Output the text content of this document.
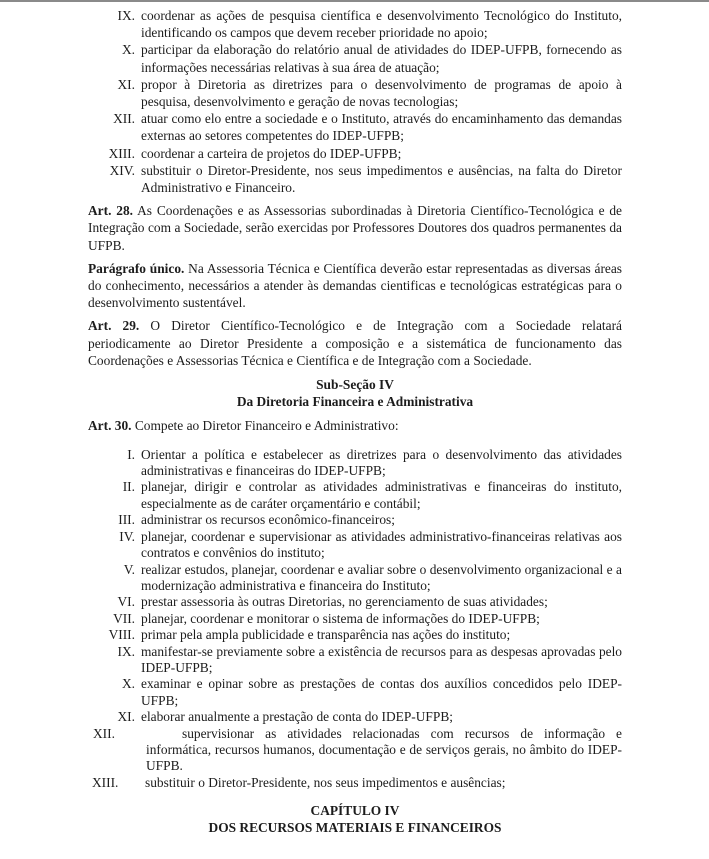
IX. coordenar as ações de pesquisa científica e desenvolvimento Tecnológico do Instituto, identificando os campos que devem receber prioridade no apoio;
X. participar da elaboração do relatório anual de atividades do IDEP-UFPB, fornecendo as informações necessárias relativas à sua área de atuação;
XI. propor à Diretoria as diretrizes para o desenvolvimento de programas de apoio à pesquisa, desenvolvimento e geração de novas tecnologias;
XII. atuar como elo entre a sociedade e o Instituto, através do encaminhamento das demandas externas ao setores competentes do IDEP-UFPB;
XIII. coordenar a carteira de projetos do IDEP-UFPB;
XIV. substituir o Diretor-Presidente, nos seus impedimentos e ausências, na falta do Diretor Administrativo e Financeiro.

Art. 28. As Coordenações e as Assessorias subordinadas à Diretoria Científico-Tecnológica e de Integração com a Sociedade, serão exercidas por Professores Doutores dos quadros permanentes da UFPB.

Parágrafo único. Na Assessoria Técnica e Científica deverão estar representadas as diversas áreas do conhecimento, necessários a atender às demandas cientificas e tecnológicas estratégicas para o desenvolvimento sustentável.

Art. 29. O Diretor Científico-Tecnológico e de Integração com a Sociedade relatará periodicamente ao Diretor Presidente a composição e a sistemática de funcionamento das Coordenações e Assessorias Técnica e Científica e de Integração com a Sociedade.

Sub-Seção IV
Da Diretoria Financeira e Administrativa

Art. 30. Compete ao Diretor Financeiro e Administrativo:

I. Orientar a política e estabelecer as diretrizes para o desenvolvimento das atividades administrativas e financeiras do IDEP-UFPB;
II. planejar, dirigir e controlar as atividades administrativas e financeiras do instituto, especialmente as de caráter orçamentário e contábil;
III. administrar os recursos econômico-financeiros;
IV. planejar, coordenar e supervisionar as atividades administrativo-financeiras relativas aos contratos e convênios do instituto;
V. realizar estudos, planejar, coordenar e avaliar sobre o desenvolvimento organizacional e a modernização administrativa e financeira do Instituto;
VI. prestar assessoria às outras Diretorias, no gerenciamento de suas atividades;
VII. planejar, coordenar e monitorar o sistema de informações do IDEP-UFPB;
VIII. primar pela ampla publicidade e transparência nas ações do instituto;
IX. manifestar-se previamente sobre a existência de recursos para as despesas aprovadas pelo IDEP-UFPB;
X. examinar e opinar sobre as prestações de contas dos auxílios concedidos pelo IDEP-UFPB;
XI. elaborar anualmente a prestação de conta do IDEP-UFPB;
XII.	supervisionar as atividades relacionadas com recursos de informação e informática, recursos humanos, documentação e de serviços gerais, no âmbito do IDEP-UFPB.
XIII.	substituir o Diretor-Presidente, nos seus impedimentos e ausências;
CAPÍTULO IV
DOS RECURSOS MATERIAIS E FINANCEIROS
